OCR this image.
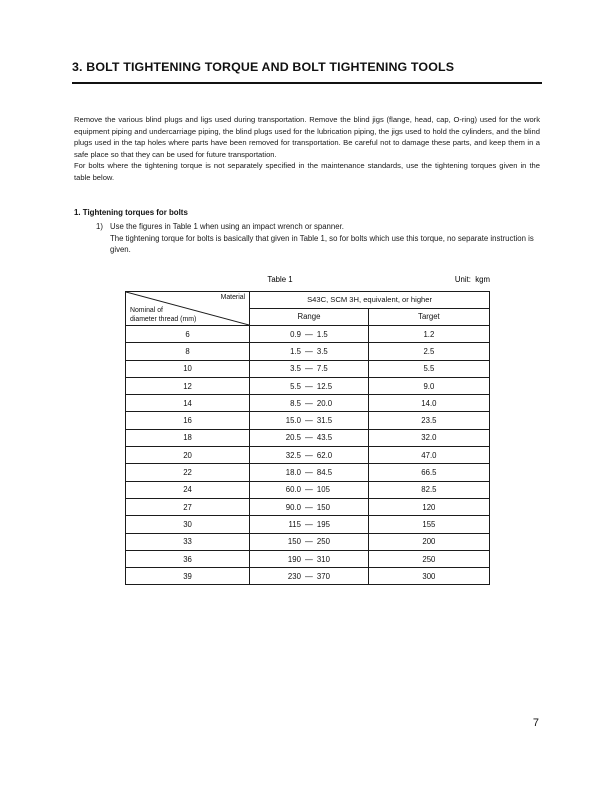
3. BOLT TIGHTENING TORQUE AND BOLT TIGHTENING TOOLS

Remove the various blind plugs and ligs used during transportation. Remove the blind jigs (flange, head, cap, O-ring) used for the work equipment piping and undercarriage piping, the blind plugs used for the lubrication piping, the jigs used to hold the cylinders, and the blind plugs used in the tap holes where parts have been removed for transportation. Be careful not to damage these parts, and keep them in a safe place so that they can be used for future transportation.

For bolts where the tightening torque is not separately specified in the maintenance standards, use the tightening torques given in the table below.

1. Tightening torques for bolts
1) Use the figures in Table 1 when using an impact wrench or spanner.
The tightening torque for bolts is basically that given in Table 1, so for bolts which use this torque, no separate instruction is given.
Table 1	Unit:  kgm
Material
Nominal of
diameter thread (mm)	S43C, SCM 3H, equivalent, or higher	
	Range	Target
6	0.9 — 1.5	1.2
8	1.5 — 3.5	2.5
10	3.5 — 7.5	5.5
12	5.5 — 12.5	9.0
14	8.5 — 20.0	14.0
16	15.0 — 31.5	23.5
18	20.5 — 43.5	32.0
20	32.5 — 62.0	47.0
22	18.0 — 84.5	66.5
24	60.0 — 105	82.5
27	90.0 — 150	120
30	115 — 195	155
33	150 — 250	200
36	190 — 310	250
39	230 — 370	300
7
